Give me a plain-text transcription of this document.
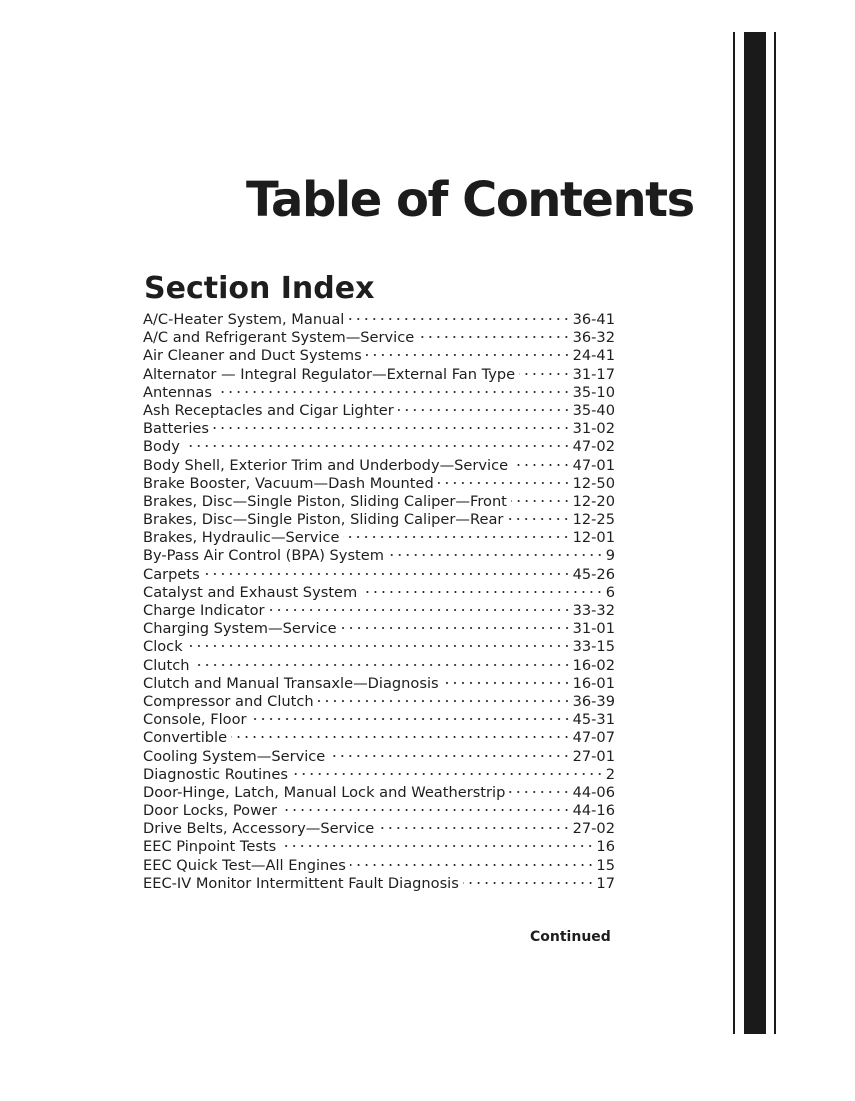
Table of Contents
Section Index
A/C-Heater System, Manual	36-41
A/C and Refrigerant System—Service	36-32
Air Cleaner and Duct Systems	24-41
Alternator — Integral Regulator—External Fan Type	31-17
Antennas	35-10
Ash Receptacles and Cigar Lighter	35-40
Batteries	31-02
Body	47-02
Body Shell, Exterior Trim and Underbody—Service	47-01
Brake Booster, Vacuum—Dash Mounted	12-50
Brakes, Disc—Single Piston, Sliding Caliper—Front	12-20
Brakes, Disc—Single Piston, Sliding Caliper—Rear	12-25
Brakes, Hydraulic—Service	12-01
By-Pass Air Control (BPA) System	9
Carpets	45-26
Catalyst and Exhaust System	6
Charge Indicator	33-32
Charging System—Service	31-01
Clock	33-15
Clutch	16-02
Clutch and Manual Transaxle—Diagnosis	16-01
Compressor and Clutch	36-39
Console, Floor	45-31
Convertible	47-07
Cooling System—Service	27-01
Diagnostic Routines	2
Door-Hinge, Latch, Manual Lock and Weatherstrip	44-06
Door Locks, Power	44-16
Drive Belts, Accessory—Service	27-02
EEC Pinpoint Tests	16
EEC Quick Test—All Engines	15
EEC-IV Monitor Intermittent Fault Diagnosis	17
Continued
